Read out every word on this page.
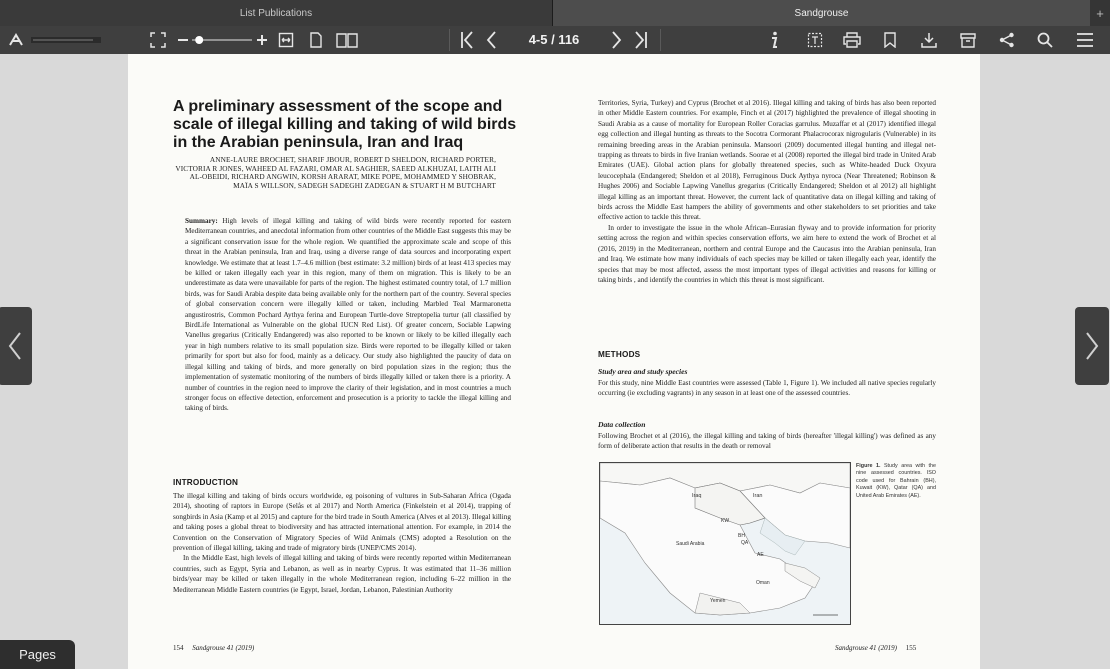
List Publications	Sandgrouse	+
4-5 / 116
A preliminary assessment of the scope and scale of illegal killing and taking of wild birds in the Arabian peninsula, Iran and Iraq
ANNE-LAURE BROCHET, SHARIF JBOUR, ROBERT D SHELDON, RICHARD PORTER, VICTORIA R JONES, WAHEED AL FAZARI, OMAR AL SAGHIER, SAEED ALKHUZAI, LAITH ALI AL-OBEIDI, RICHARD ANGWIN, KORSH ARARAT, MIKE POPE, MOHAMMED Y SHOBRAK, MAÏA S WILLSON, SADEGH SADEGHI ZADEGAN & STUART H M BUTCHART
Summary: High levels of illegal killing and taking of wild birds were recently reported for eastern Mediterranean countries, and anecdotal information from other countries of the Middle East suggests this may be a significant conservation issue for the whole region. We quantified the approximate scale and scope of this threat in the Arabian peninsula, Iran and Iraq, using a diverse range of data sources and incorporating expert knowledge. We estimate that at least 1.7–4.6 million (best estimate: 3.2 million) birds of at least 413 species may be killed or taken illegally each year in this region, many of them on migration. This is likely to be an underestimate as data were unavailable for parts of the region. The highest estimated country total, of 1.7 million birds, was for Saudi Arabia despite data being available only for the northern part of the country. Several species of global conservation concern were illegally killed or taken, including Marbled Teal Marmaronetta angustirostris, Common Pochard Aythya ferina and European Turtle-dove Streptopelia turtur (all classified by BirdLife International as Vulnerable on the global IUCN Red List). Of greater concern, Sociable Lapwing Vanellus gregarius (Critically Endangered) was also reported to be known or likely to be killed illegally each year in high numbers relative to its small population size. Birds were reported to be illegally killed or taken primarily for sport but also for food, mainly as a delicacy. Our study also highlighted the paucity of data on illegal killing and taking of birds, and more generally on bird population sizes in the region; thus the implementation of systematic monitoring of the numbers of birds illegally killed or taken there is a priority. A number of countries in the region need to improve the clarity of their legislation, and in most countries a much stronger focus on effective detection, enforcement and prosecution is a priority to tackle the illegal killing and taking of birds.
INTRODUCTION
The illegal killing and taking of birds occurs worldwide, eg poisoning of vultures in Sub-Saharan Africa (Ogada 2014), shooting of raptors in Europe (Selås et al 2017) and North America (Finkelstein et al 2014), trapping of songbirds in Asia (Kamp et al 2015) and capture for the bird trade in South America (Alves et al 2013). Illegal killing and taking poses a global threat to biodiversity and has attracted international attention. For example, in 2014 the Convention on the Conservation of Migratory Species of Wild Animals (CMS) adopted a Resolution on the prevention of illegal killing, taking and trade of migratory birds (UNEP/CMS 2014).
In the Middle East, high levels of illegal killing and taking of birds were recently reported within Mediterranean countries, such as Egypt, Syria and Lebanon, as well as in nearby Cyprus. It was estimated that 11–36 million birds/year may be killed or taken illegally in the whole Mediterranean region, including 6–22 million in the Mediterranean Middle Eastern countries (ie Egypt, Israel, Jordan, Lebanon, Palestinian Authority
Territories, Syria, Turkey) and Cyprus (Brochet et al 2016). Illegal killing and taking of birds has also been reported in other Middle Eastern countries. For example, Finch et al (2017) highlighted the prevalence of illegal shooting in Saudi Arabia as a cause of mortality for European Roller Coracias garrulus. Muzaffar et al (2017) identified illegal egg collection and illegal hunting as threats to the Socotra Cormorant Phalacrocorax nigrogularis (Vulnerable) in its remaining breeding areas in the Arabian peninsula. Mansoori (2009) documented illegal hunting and illegal net-trapping as threats to birds in five Iranian wetlands. Soorae et al (2008) reported the illegal bird trade in United Arab Emirates (UAE). Global action plans for globally threatened species, such as White-headed Duck Oxyura leucocephala (Endangered; Sheldon et al 2018), Ferruginous Duck Aythya nyroca (Near Threatened; Robinson & Hughes 2006) and Sociable Lapwing Vanellus gregarius (Critically Endangered; Sheldon et al 2012) all highlight illegal killing as an important threat. However, the current lack of quantitative data on illegal killing and taking of birds across the Middle East hampers the ability of governments and other stakeholders to set priorities and take effective action to tackle this threat.
In order to investigate the issue in the whole African–Eurasian flyway and to provide information for priority setting across the region and within species conservation efforts, we aim here to extend the work of Brochet et al (2016, 2019) in the Mediterranean, northern and central Europe and the Caucasus into the Arabian peninsula, Iran and Iraq. We estimate how many individuals of each species may be killed or taken illegally each year, identify the species that may be most affected, assess the most important types of illegal activities and reasons for killing or taking birds , and identify the countries in which this threat is most significant.
METHODS
Study area and study species
For this study, nine Middle East countries were assessed (Table 1, Figure 1). We included all native species regularly occurring (ie excluding vagrants) in any season in at least one of the assessed countries.
Data collection
Following Brochet et al (2016), the illegal killing and taking of birds (hereafter 'illegal killing') was defined as any form of deliberate action that results in the death or removal
Iraq	Iran
KW
BH
QA
AE
Saudi Arabia
Oman
Yemen
Figure 1. Study area with the nine assessed countries. ISO code used for Bahrain (BH), Kuwait (KW), Qatar (QA) and United Arab Emirates (AE).
154 Sandgrouse 41 (2019)	Sandgrouse 41 (2019) 155
Pages
